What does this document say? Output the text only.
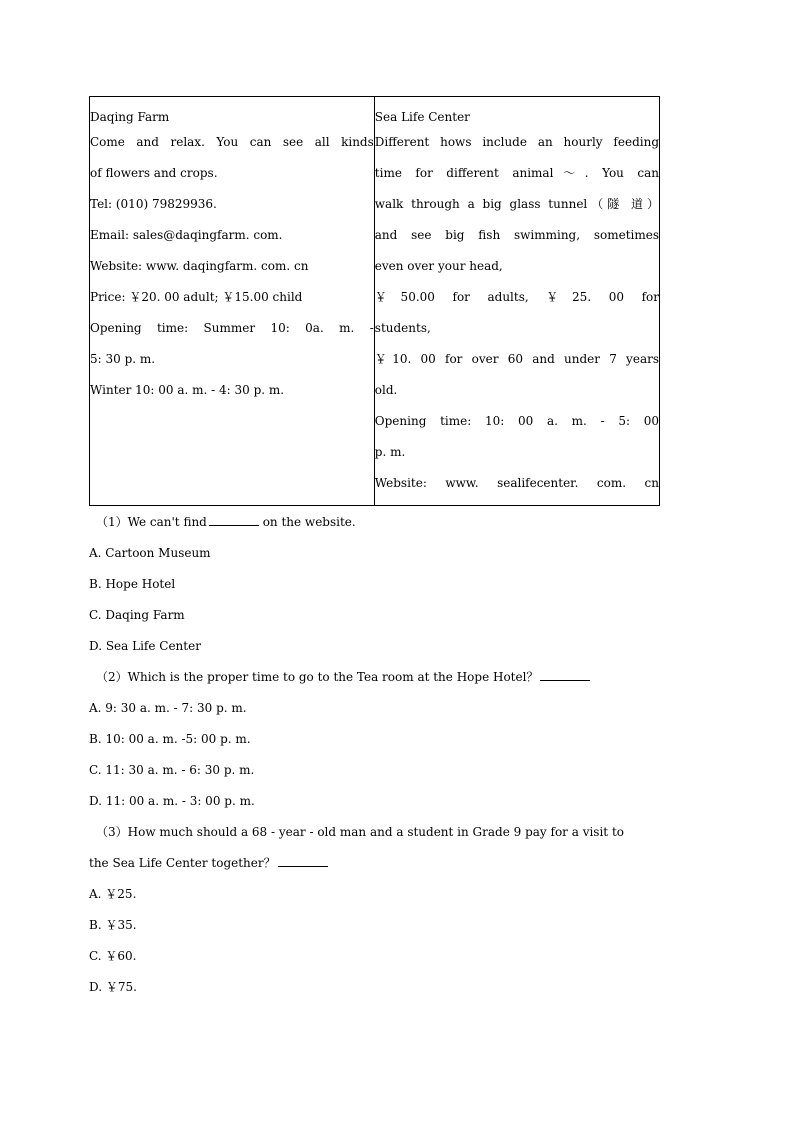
Daqing Farm
Come and relax. You can see all kinds
of flowers and crops.
Tel: (010) 79829936.
Email: sales@daqingfarm. com.
Website: www. daqingfarm. com. cn
Price: ￥20. 00 adult; ￥15.00 child
Opening time: Summer 10: 0a. m. -
5: 30 p. m.
Winter 10: 00 a. m. - 4: 30 p. m.

Sea Life Center
Different hows include an hourly feeding
time for different animal～. You can
walk through a big glass tunnel（隧 道）
and see big fish swimming, sometimes
even over your head,
￥50.00 for adults, ￥25. 00 for
students,
￥10. 00 for over 60 and under 7 years
old.
Opening time: 10: 00 a. m. - 5: 00
p. m.
Website: www. sealifecenter. com. cn
（1）We can't find	on the website.
A. Cartoon Museum
B. Hope Hotel
C. Daqing Farm
D. Sea Life Center
（2）Which is the proper time to go to the Tea room at the Hope Hotel？
A. 9: 30 a. m. - 7: 30 p. m.
B. 10: 00 a. m. -5: 00 p. m.
C. 11: 30 a. m. - 6: 30 p. m.
D. 11: 00 a. m. - 3: 00 p. m.
（3）How much should a 68 - year - old man and a student in Grade 9 pay for a visit to
the Sea Life Center together？
A. ￥25.
B. ￥35.
C. ￥60.
D. ￥75.
